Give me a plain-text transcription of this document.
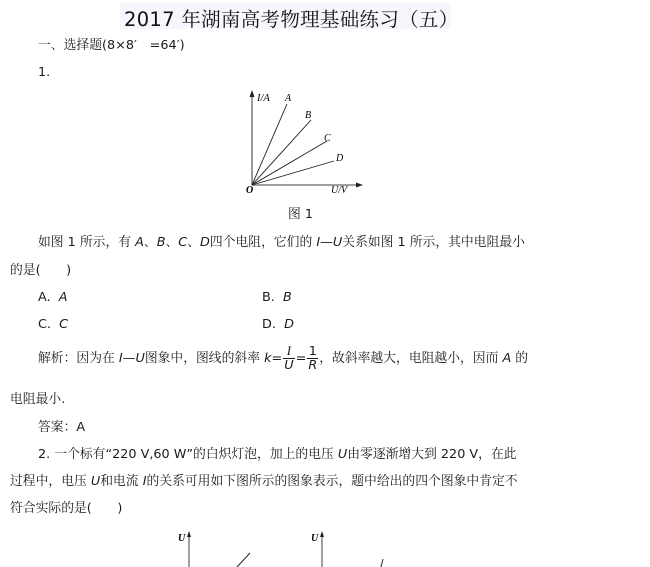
2017 年湖南高考物理基础练习（五）
一、选择题(8×8′　=64′)
1.
I/A A
B
C
D
O	U/V
图 1
如图 1 所示，有 A、B、C、D四个电阻，它们的 I—U关系如图 1 所示，其中电阻最小
的是(　　)
A. A	B. B
C. C	D. D
解析：因为在 I—U图象中，图线的斜率 $k= \frac{I}{U} = \frac{1}{R}$ ，故斜率越大，电阻越小，因而 A 的
电阻最小.
答案：A
2. 一个标有“220 V,60 W”的白炽灯泡，加上的电压 U由零逐渐增大到 220 V，在此
过程中，电压 U和电流 I的关系可用如下图所示的图象表示，题中给出的四个图象中肯定不
符合实际的是(　　)
U	U
